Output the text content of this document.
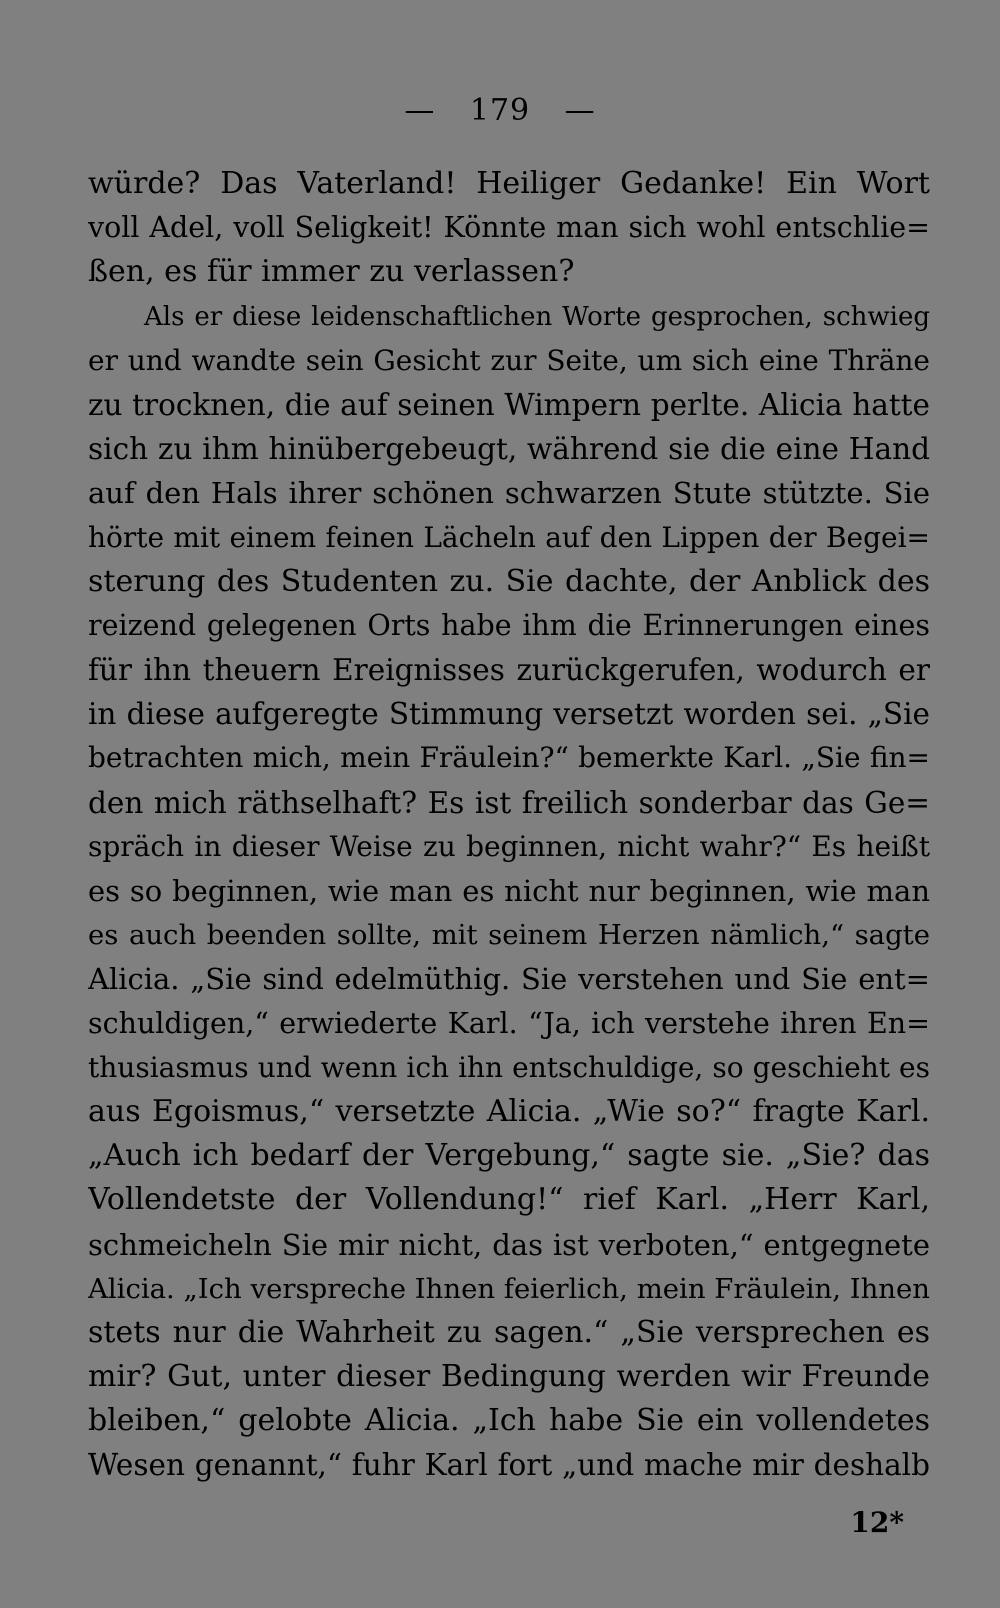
— 179 —
würde? Das Vaterland! Heiliger Gedanke! Ein Wort
voll Adel, voll Seligkeit! Könnte man sich wohl entschlie=
ßen, es für immer zu verlassen?
Als er diese leidenschaftlichen Worte gesprochen, schwieg
er und wandte sein Gesicht zur Seite, um sich eine Thräne
zu trocknen, die auf seinen Wimpern perlte. Alicia hatte
sich zu ihm hinübergebeugt, während sie die eine Hand
auf den Hals ihrer schönen schwarzen Stute stützte. Sie
hörte mit einem feinen Lächeln auf den Lippen der Begei=
sterung des Studenten zu. Sie dachte, der Anblick des
reizend gelegenen Orts habe ihm die Erinnerungen eines
für ihn theuern Ereignisses zurückgerufen, wodurch er
in diese aufgeregte Stimmung versetzt worden sei. „Sie
betrachten mich, mein Fräulein?“ bemerkte Karl. „Sie fin=
den mich räthselhaft? Es ist freilich sonderbar das Ge=
spräch in dieser Weise zu beginnen, nicht wahr?“ Es heißt
es so beginnen, wie man es nicht nur beginnen, wie man
es auch beenden sollte, mit seinem Herzen nämlich,“ sagte
Alicia. „Sie sind edelmüthig. Sie verstehen und Sie ent=
schuldigen,“ erwiederte Karl. “Ja, ich verstehe ihren En=
thusiasmus und wenn ich ihn entschuldige, so geschieht es
aus Egoismus,“ versetzte Alicia. „Wie so?“ fragte Karl.
„Auch ich bedarf der Vergebung,“ sagte sie. „Sie? das
Vollendetste der Vollendung!“ rief Karl. „Herr Karl,
schmeicheln Sie mir nicht, das ist verboten,“ entgegnete
Alicia. „Ich verspreche Ihnen feierlich, mein Fräulein, Ihnen
stets nur die Wahrheit zu sagen.“ „Sie versprechen es
mir? Gut, unter dieser Bedingung werden wir Freunde
bleiben,“ gelobte Alicia. „Ich habe Sie ein vollendetes
Wesen genannt,“ fuhr Karl fort „und mache mir deshalb
12*
